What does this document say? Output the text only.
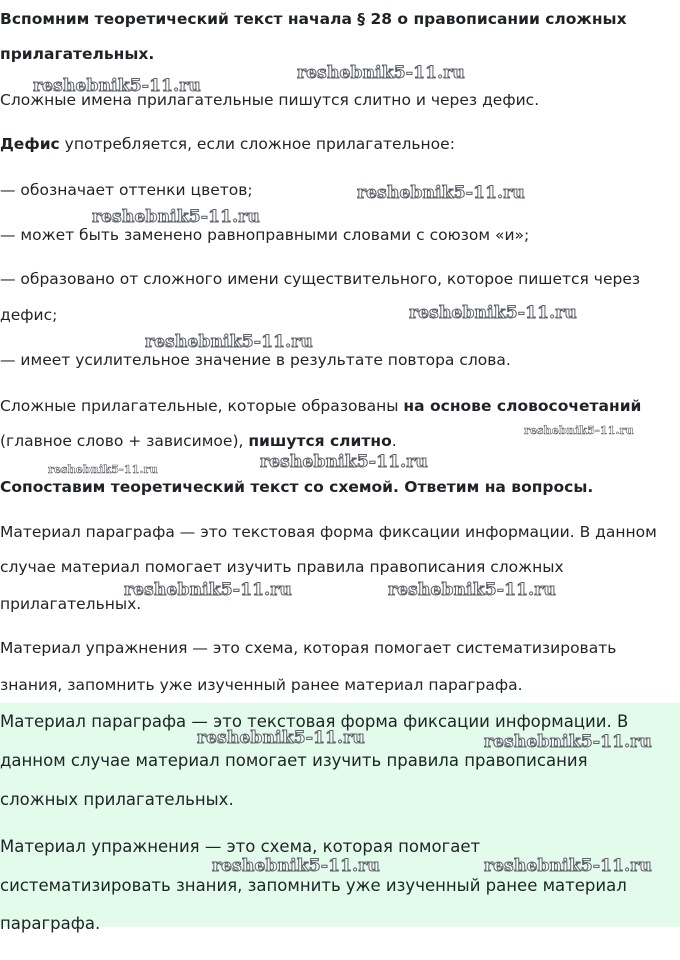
Вспомним теоретический текст начала § 28 о правописании сложных

прилагательных.

Сложные имена прилагательные пишутся слитно и через дефис.

Дефис употребляется, если сложное прилагательное:

— обозначает оттенки цветов;

— может быть заменено равноправными словами с союзом «и»;

— образовано от сложного имени существительного, которое пишется через

дефис;

— имеет усилительное значение в результате повтора слова.

Сложные прилагательные, которые образованы на основе словосочетаний

(главное слово + зависимое), пишутся слитно.

Сопоставим теоретический текст со схемой. Ответим на вопросы.

Материал параграфа — это текстовая форма фиксации информации. В данном

случае материал помогает изучить правила правописания сложных

прилагательных.

Материал упражнения — это схема, которая помогает систематизировать

знания, запомнить уже изученный ранее материал параграфа.

Материал параграфа — это текстовая форма фиксации информации. В

данном случае материал помогает изучить правила правописания

сложных прилагательных.

Материал упражнения — это схема, которая помогает

систематизировать знания, запомнить уже изученный ранее материал

параграфа.

reshebnik5-11.ru
reshebnik5-11.ru
reshebnik5-11.ru
reshebnik5-11.ru
reshebnik5-11.ru
reshebnik5-11.ru
reshebnik5-11.ru
reshebnik5-11.ru
reshebnik5-11.ru
reshebnik5-11.ru	reshebnik5-11.ru
reshebnik5-11.ru	reshebnik5-11.ru
reshebnik5-11.ru	reshebnik5-11.ru
